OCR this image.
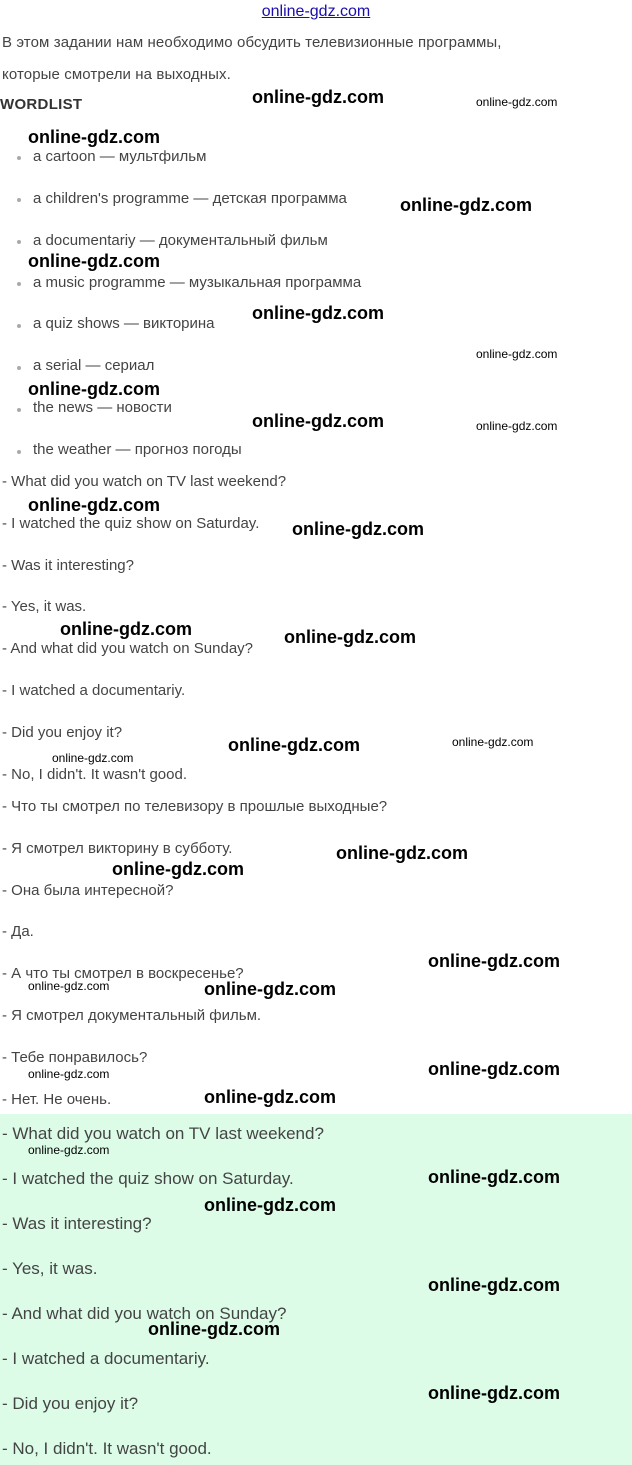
online-gdz.com
В этом задании нам необходимо обсудить телевизионные программы,
которые смотрели на выходных.
WORDLIST
a cartoon — мультфильм
a children's programme — детская программа
a documentariy — документальный фильм
a music programme — музыкальная программа
a quiz shows — викторина
a serial — сериал
the news — новости
the weather — прогноз погоды
- What did you watch on TV last weekend?
- I watched the quiz show on Saturday.
- Was it interesting?
- Yes, it was.
- And what did you watch on Sunday?
- I watched a documentariy.
- Did you enjoy it?
- No, I didn't. It wasn't good.
- Что ты смотрел по телевизору в прошлые выходные?
- Я смотрел викторину в субботу.
- Она была интересной?
- Да.
- А что ты смотрел в воскресенье?
- Я смотрел документальный фильм.
- Тебе понравилось?
- Нет. Не очень.
- What did you watch on TV last weekend?
- I watched the quiz show on Saturday.
- Was it interesting?
- Yes, it was.
- And what did you watch on Sunday?
- I watched a documentariy.
- Did you enjoy it?
- No, I didn't. It wasn't good.
online-gdz.com	online-gdz.com
online-gdz.com
online-gdz.com
online-gdz.com
online-gdz.com
online-gdz.com
online-gdz.com
online-gdz.com	online-gdz.com
online-gdz.com
online-gdz.com
online-gdz.com	online-gdz.com
online-gdz.com	online-gdz.com
online-gdz.com
online-gdz.com
online-gdz.com
online-gdz.com
online-gdz.com	online-gdz.com
online-gdz.com
online-gdz.com
online-gdz.com
online-gdz.com
online-gdz.com
online-gdz.com
online-gdz.com
online-gdz.com
online-gdz.com
